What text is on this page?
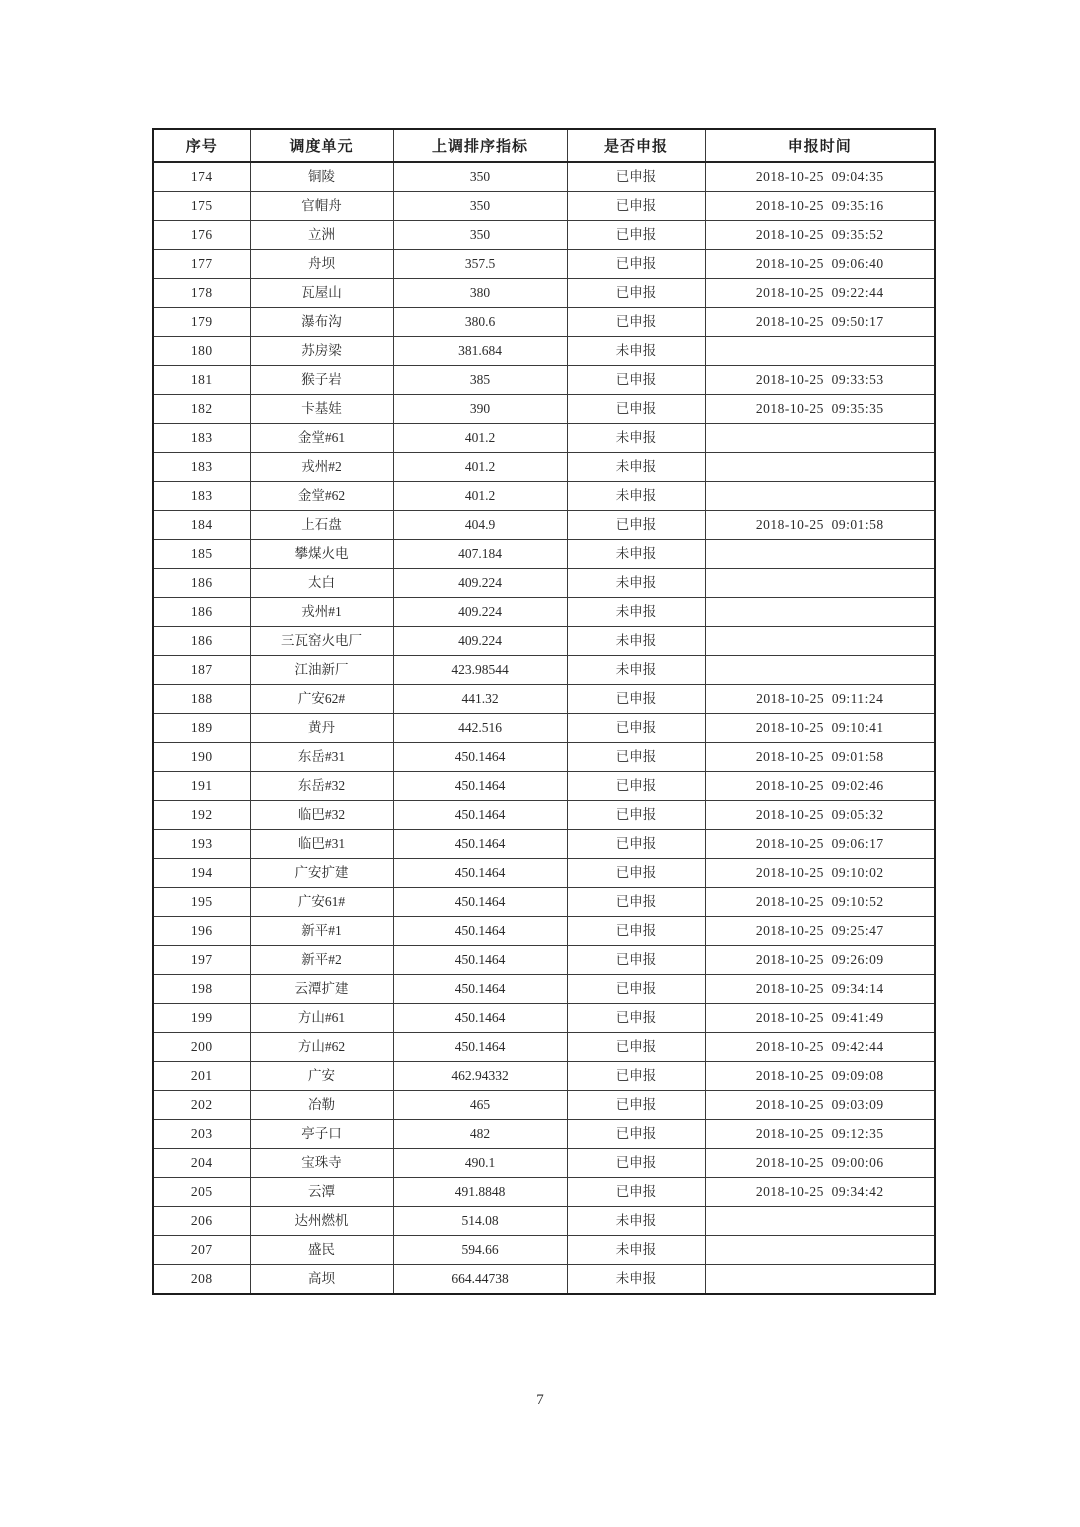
序号	调度单元	上调排序指标	是否申报	申报时间
174	铜陵	350	已申报	2018-10-25  09:04:35
175	官帽舟	350	已申报	2018-10-25  09:35:16
176	立洲	350	已申报	2018-10-25  09:35:52
177	舟坝	357.5	已申报	2018-10-25  09:06:40
178	瓦屋山	380	已申报	2018-10-25  09:22:44
179	瀑布沟	380.6	已申报	2018-10-25  09:50:17
180	苏房梁	381.684	未申报	
181	猴子岩	385	已申报	2018-10-25  09:33:53
182	卡基娃	390	已申报	2018-10-25  09:35:35
183	金堂#61	401.2	未申报	
183	戎州#2	401.2	未申报	
183	金堂#62	401.2	未申报	
184	上石盘	404.9	已申报	2018-10-25  09:01:58
185	攀煤火电	407.184	未申报	
186	太白	409.224	未申报	
186	戎州#1	409.224	未申报	
186	三瓦窑火电厂	409.224	未申报	
187	江油新厂	423.98544	未申报	
188	广安62#	441.32	已申报	2018-10-25  09:11:24
189	黄丹	442.516	已申报	2018-10-25  09:10:41
190	东岳#31	450.1464	已申报	2018-10-25  09:01:58
191	东岳#32	450.1464	已申报	2018-10-25  09:02:46
192	临巴#32	450.1464	已申报	2018-10-25  09:05:32
193	临巴#31	450.1464	已申报	2018-10-25  09:06:17
194	广安扩建	450.1464	已申报	2018-10-25  09:10:02
195	广安61#	450.1464	已申报	2018-10-25  09:10:52
196	新平#1	450.1464	已申报	2018-10-25  09:25:47
197	新平#2	450.1464	已申报	2018-10-25  09:26:09
198	云潭扩建	450.1464	已申报	2018-10-25  09:34:14
199	方山#61	450.1464	已申报	2018-10-25  09:41:49
200	方山#62	450.1464	已申报	2018-10-25  09:42:44
201	广安	462.94332	已申报	2018-10-25  09:09:08
202	冶勒	465	已申报	2018-10-25  09:03:09
203	亭子口	482	已申报	2018-10-25  09:12:35
204	宝珠寺	490.1	已申报	2018-10-25  09:00:06
205	云潭	491.8848	已申报	2018-10-25  09:34:42
206	达州燃机	514.08	未申报	
207	盛民	594.66	未申报	
208	高坝	664.44738	未申报	
7
